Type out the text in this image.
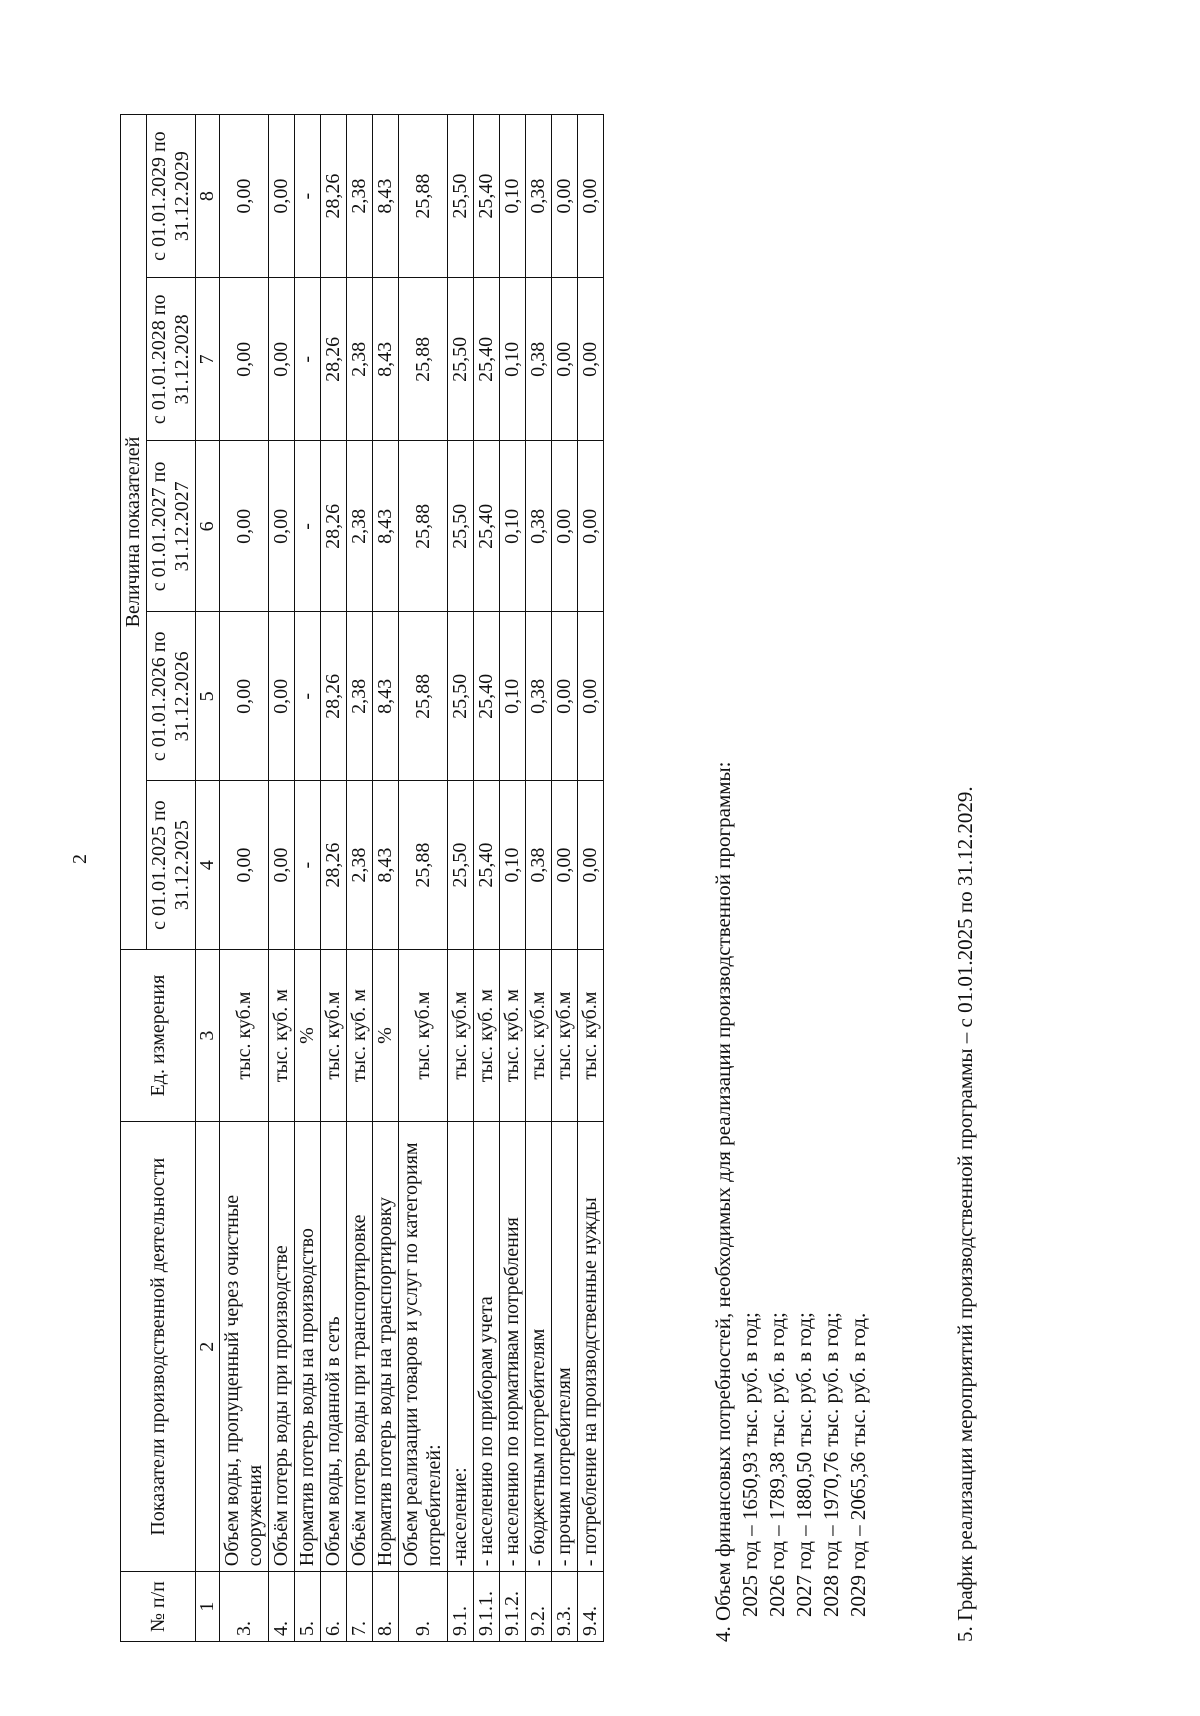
2
№ п/п	Показатели производственной деятельности	Ед. измерения	Величина показателей				
			с 01.01.2025 по 31.12.2025	с 01.01.2026 по 31.12.2026	с 01.01.2027 по 31.12.2027	с 01.01.2028 по 31.12.2028	с 01.01.2029 по 31.12.2029
1	2	3	4	5	6	7	8
3.	Объем воды, пропущенный через очистные сооружения	тыс. куб.м	0,00	0,00	0,00	0,00	0,00
4.	Объём потерь воды при производстве	тыс. куб. м	0,00	0,00	0,00	0,00	0,00
5.	Норматив потерь воды на производство	%	-	-	-	-	-
6.	Объем воды, поданной в сеть	тыс. куб.м	28,26	28,26	28,26	28,26	28,26
7.	Объём потерь воды при транспортировке	тыс. куб. м	2,38	2,38	2,38	2,38	2,38
8.	Норматив потерь воды на транспортировку	%	8,43	8,43	8,43	8,43	8,43
9.	Объем реализации товаров и услуг по категориям потребителей:	тыс. куб.м	25,88	25,88	25,88	25,88	25,88
9.1.	-население:	тыс. куб.м	25,50	25,50	25,50	25,50	25,50
9.1.1.	- населению по приборам учета	тыс. куб. м	25,40	25,40	25,40	25,40	25,40
9.1.2.	- населению по нормативам потребления	тыс. куб. м	0,10	0,10	0,10	0,10	0,10
9.2.	- бюджетным потребителям	тыс. куб.м	0,38	0,38	0,38	0,38	0,38
9.3.	- прочим потребителям	тыс. куб.м	0,00	0,00	0,00	0,00	0,00
9.4.	- потребление на производственные нужды	тыс. куб.м	0,00	0,00	0,00	0,00	0,00

4. Объем финансовых потребностей, необходимых для реализации производственной программы: 2025 год – 1650,93 тыс. руб. в год; 2026 год – 1789,38 тыс. руб. в год; 2027 год – 1880,50 тыс. руб. в год; 2028 год – 1970,76 тыс. руб. в год; 2029 год – 2065,36 тыс. руб. в год.	5. График реализации мероприятий производственной программы – с 01.01.2025 по 31.12.2029.
